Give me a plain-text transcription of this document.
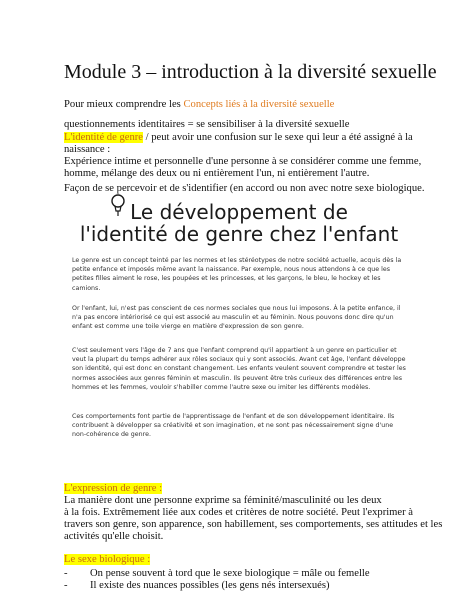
Module 3 – introduction à la diversité sexuelle
Pour mieux comprendre les Concepts liés à la diversité sexuelle
questionnements identitaires = se sensibiliser à la diversité sexuelle
L'identité de genre / peut avoir une confusion sur le sexe qui leur a été assigné à la
naissance :
Expérience intime et personnelle d'une personne à se considérer comme une femme,
homme, mélange des deux ou ni entièrement l'un, ni entièrement l'autre.
Façon de se percevoir et de s'identifier (en accord ou non avec notre sexe biologique.
Le développement de
l'identité de genre chez l'enfant
Le genre est un concept teinté par les normes et les stéréotypes de notre société actuelle, acquis dès la petite enfance et imposés même avant la naissance. Par exemple, nous nous attendons à ce que les petites filles aiment le rose, les poupées et les princesses, et les garçons, le bleu, le hockey et les camions.
Or l'enfant, lui, n'est pas conscient de ces normes sociales que nous lui imposons. À la petite enfance, il n'a pas encore intériorisé ce qui est associé au masculin et au féminin. Nous pouvons donc dire qu'un enfant est comme une toile vierge en matière d'expression de son genre.
C'est seulement vers l'âge de 7 ans que l'enfant comprend qu'il appartient à un genre en particulier et veut la plupart du temps adhérer aux rôles sociaux qui y sont associés. Avant cet âge, l'enfant développe son identité, qui est donc en constant changement. Les enfants veulent souvent comprendre et tester les normes associées aux genres féminin et masculin. Ils peuvent être très curieux des différences entre les hommes et les femmes, vouloir s'habiller comme l'autre sexe ou imiter les différents modèles.
Ces comportements font partie de l'apprentissage de l'enfant et de son développement identitaire. Ils contribuent à développer sa créativité et son imagination, et ne sont pas nécessairement signe d'une non-cohérence de genre.
L'expression de genre :
La manière dont une personne exprime sa féminité/masculinité ou les deux
à la fois. Extrêmement liée aux codes et critères de notre société. Peut l'exprimer à
travers son genre, son apparence, son habillement, ses comportements, ses attitudes et les
activités qu'elle choisit.
Le sexe biologique :
- On pense souvent à tord que le sexe biologique = mâle ou femelle
- Il existe des nuances possibles (les gens nés intersexués)
